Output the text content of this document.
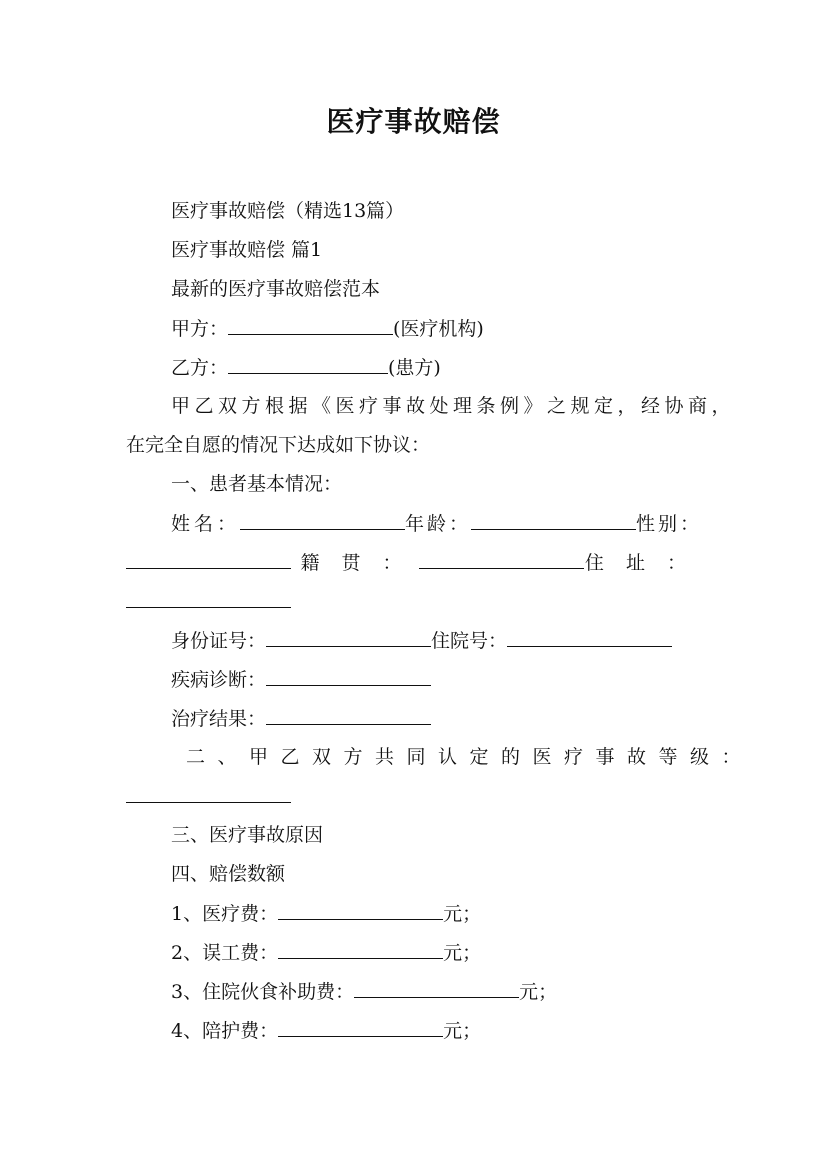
医疗事故赔偿
医疗事故赔偿（精选13篇）
医疗事故赔偿 篇1
最新的医疗事故赔偿范本
甲方：	(医疗机构)
乙方：	(患方)
甲乙双方根据《医疗事故处理条例》之规定，经协商，
在完全自愿的情况下达成如下协议：
一、患者基本情况：
姓名：	年龄：	性别：
籍 贯 ：	住 址 ：
身份证号：	住院号：
疾病诊断：
治疗结果：
二、甲乙双方共同认定的医疗事故等级：
三、医疗事故原因
四、赔偿数额
1、医疗费：	元；
2、误工费：	元；
3、住院伙食补助费：	元；
4、陪护费：	元；
